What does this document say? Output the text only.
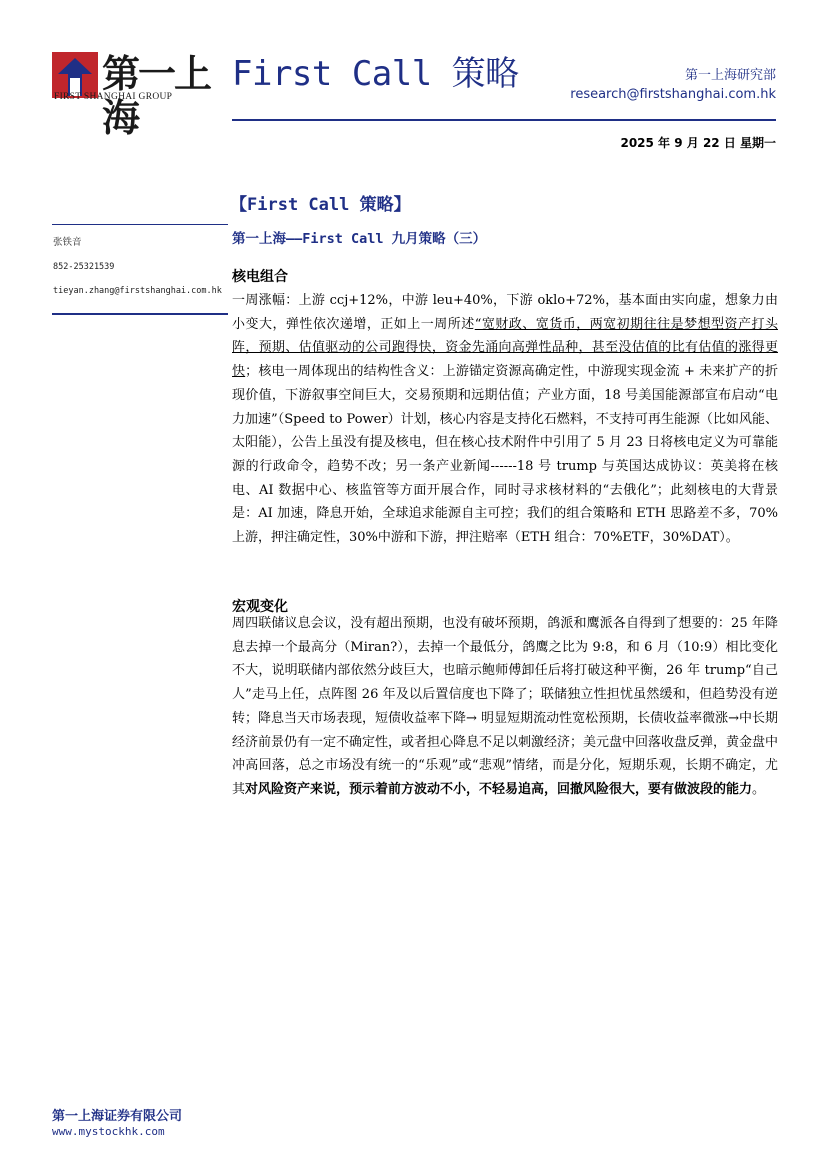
第一上海
FIRST SHANGHAI GROUP
First Call 策略	第一上海研究部
research@firstshanghai.com.hk
2025 年 9 月 22 日 星期一
张铁音
852-25321539
tieyan.zhang@firstshanghai.com.hk
【First Call 策略】
第一上海——First Call 九月策略（三）
核电组合
一周涨幅：上游 ccj+12%，中游 leu+40%，下游 oklo+72%，基本面由实向虚，想象力由小变大，弹性依次递增，正如上一周所述“宽财政、宽货币，两宽初期往往是梦想型资产打头阵，预期、估值驱动的公司跑得快，资金先涌向高弹性品种，甚至没估值的比有估值的涨得更快；核电一周体现出的结构性含义：上游锚定资源高确定性，中游现实现金流 + 未来扩产的折现价值，下游叙事空间巨大，交易预期和远期估值；产业方面，18 号美国能源部宣布启动“电力加速”（Speed to Power）计划，核心内容是支持化石燃料，不支持可再生能源（比如风能、太阳能），公告上虽没有提及核电，但在核心技术附件中引用了 5 月 23 日将核电定义为可靠能源的行政命令，趋势不改；另一条产业新闻------18 号 trump 与英国达成协议：英美将在核电、AI 数据中心、核监管等方面开展合作，同时寻求核材料的“去俄化”；此刻核电的大背景是：AI 加速，降息开始，全球追求能源自主可控；我们的组合策略和 ETH 思路差不多，70%上游，押注确定性，30%中游和下游，押注赔率（ETH 组合：70%ETF，30%DAT）。
宏观变化
周四联储议息会议，没有超出预期，也没有破坏预期，鸽派和鹰派各自得到了想要的：25 年降息去掉一个最高分（Miran?），去掉一个最低分，鸽鹰之比为 9:8，和 6 月（10:9）相比变化不大，说明联储内部依然分歧巨大，也暗示鲍师傅卸任后将打破这种平衡，26 年 trump“自己人”走马上任，点阵图 26 年及以后置信度也下降了；联储独立性担忧虽然缓和，但趋势没有逆转；降息当天市场表现，短债收益率下降→ 明显短期流动性宽松预期，长债收益率微涨→中长期经济前景仍有一定不确定性，或者担心降息不足以刺激经济；美元盘中回落收盘反弹，黄金盘中冲高回落，总之市场没有统一的“乐观”或“悲观”情绪，而是分化，短期乐观，长期不确定，尤其对风险资产来说，预示着前方波动不小，不轻易追高，回撤风险很大，要有做波段的能力。
第一上海证券有限公司
www.mystockhk.com
